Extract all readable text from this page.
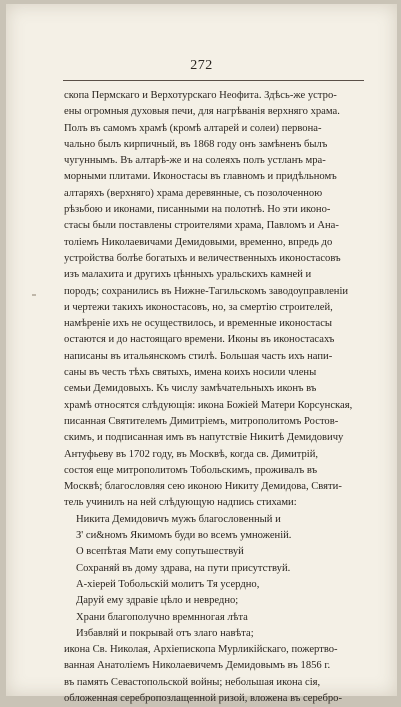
272
скопа Пермскаго и Верхотурскаго Неофита. Здѣсь-же устро-
ены огромныя духовыя печи, для нагрѣванія верхняго храма.
Полъ въ самомъ храмѣ (кромѣ алтарей и солеи) первона-
чально былъ кирпичный, въ 1868 году онъ замѣненъ былъ
чугуннымъ. Въ алтарѣ-же и на солеяхъ полъ устланъ мра-
морными плитами. Иконостасы въ главномъ и придѣльномъ
алтаряхъ (верхняго) храма деревянные, съ позолоченною
рѣзьбою и иконами, писанными на полотнѣ. Но эти иконо-
стасы были поставлены строителями храма, Павломъ и Ана-
толіемъ Николаевичами Демидовыми, временно, впредь до
устройства болѣе богатыхъ и величественныхъ иконостасовъ
изъ малахита и другихъ цѣнныхъ уральскихъ камней и
породъ; сохранились въ Нижне-Тагильскомъ заводоуправленіи
и чертежи такихъ иконостасовъ, но, за смертію строителей,
намѣреніе ихъ не осуществилось, и временные иконостасы
остаются и до настоящаго времени. Иконы въ иконостасахъ
написаны въ итальянскомъ стилѣ. Большая часть ихъ напи-
саны въ честь тѣхъ святыхъ, имена коихъ носили члены
семьи Демидовыхъ. Къ числу замѣчательныхъ иконъ въ
храмѣ относятся слѣдующія: икона Божіей Матери Корсунская,
писанная Святителемъ Димитріемъ, митрополитомъ Ростов-
скимъ, и подписанная имъ въ напутствіе Никитѣ Демидовичу
Антуфьеву въ 1702 году, въ Москвѣ, когда св. Димитрій,
состоя еще митрополитомъ Тобольскимъ, проживалъ въ
Москвѣ; благословляя сею иконою Никиту Демидова, Святи-
тель учинилъ на ней слѣдующую надпись стихами:
Никита Демидовичъ мужъ благословенный и
З' си&номъ Якимомъ буди во всемъ умноженій.
О всепѣтая Мати ему сопутьшествуй
Сохраняй въ дому здрава, на пути присутствуй.
А-хіерей Тобольскій молитъ Тя усердно,
Даруй ему здравіе цѣло и невредно;
Храни благополучно времнногая лѣта
Избавляй и покрывай отъ злаго навѣта;
икона Св. Николая, Архіепископа Мурликійскаго, пожертво-
ванная Анатоліемъ Николаевичемъ Демидовымъ въ 1856 г.
въ память Севастопольской войны; небольшая икона сія,
обложенная серебропозлащенной ризой, вложена въ серебро-
